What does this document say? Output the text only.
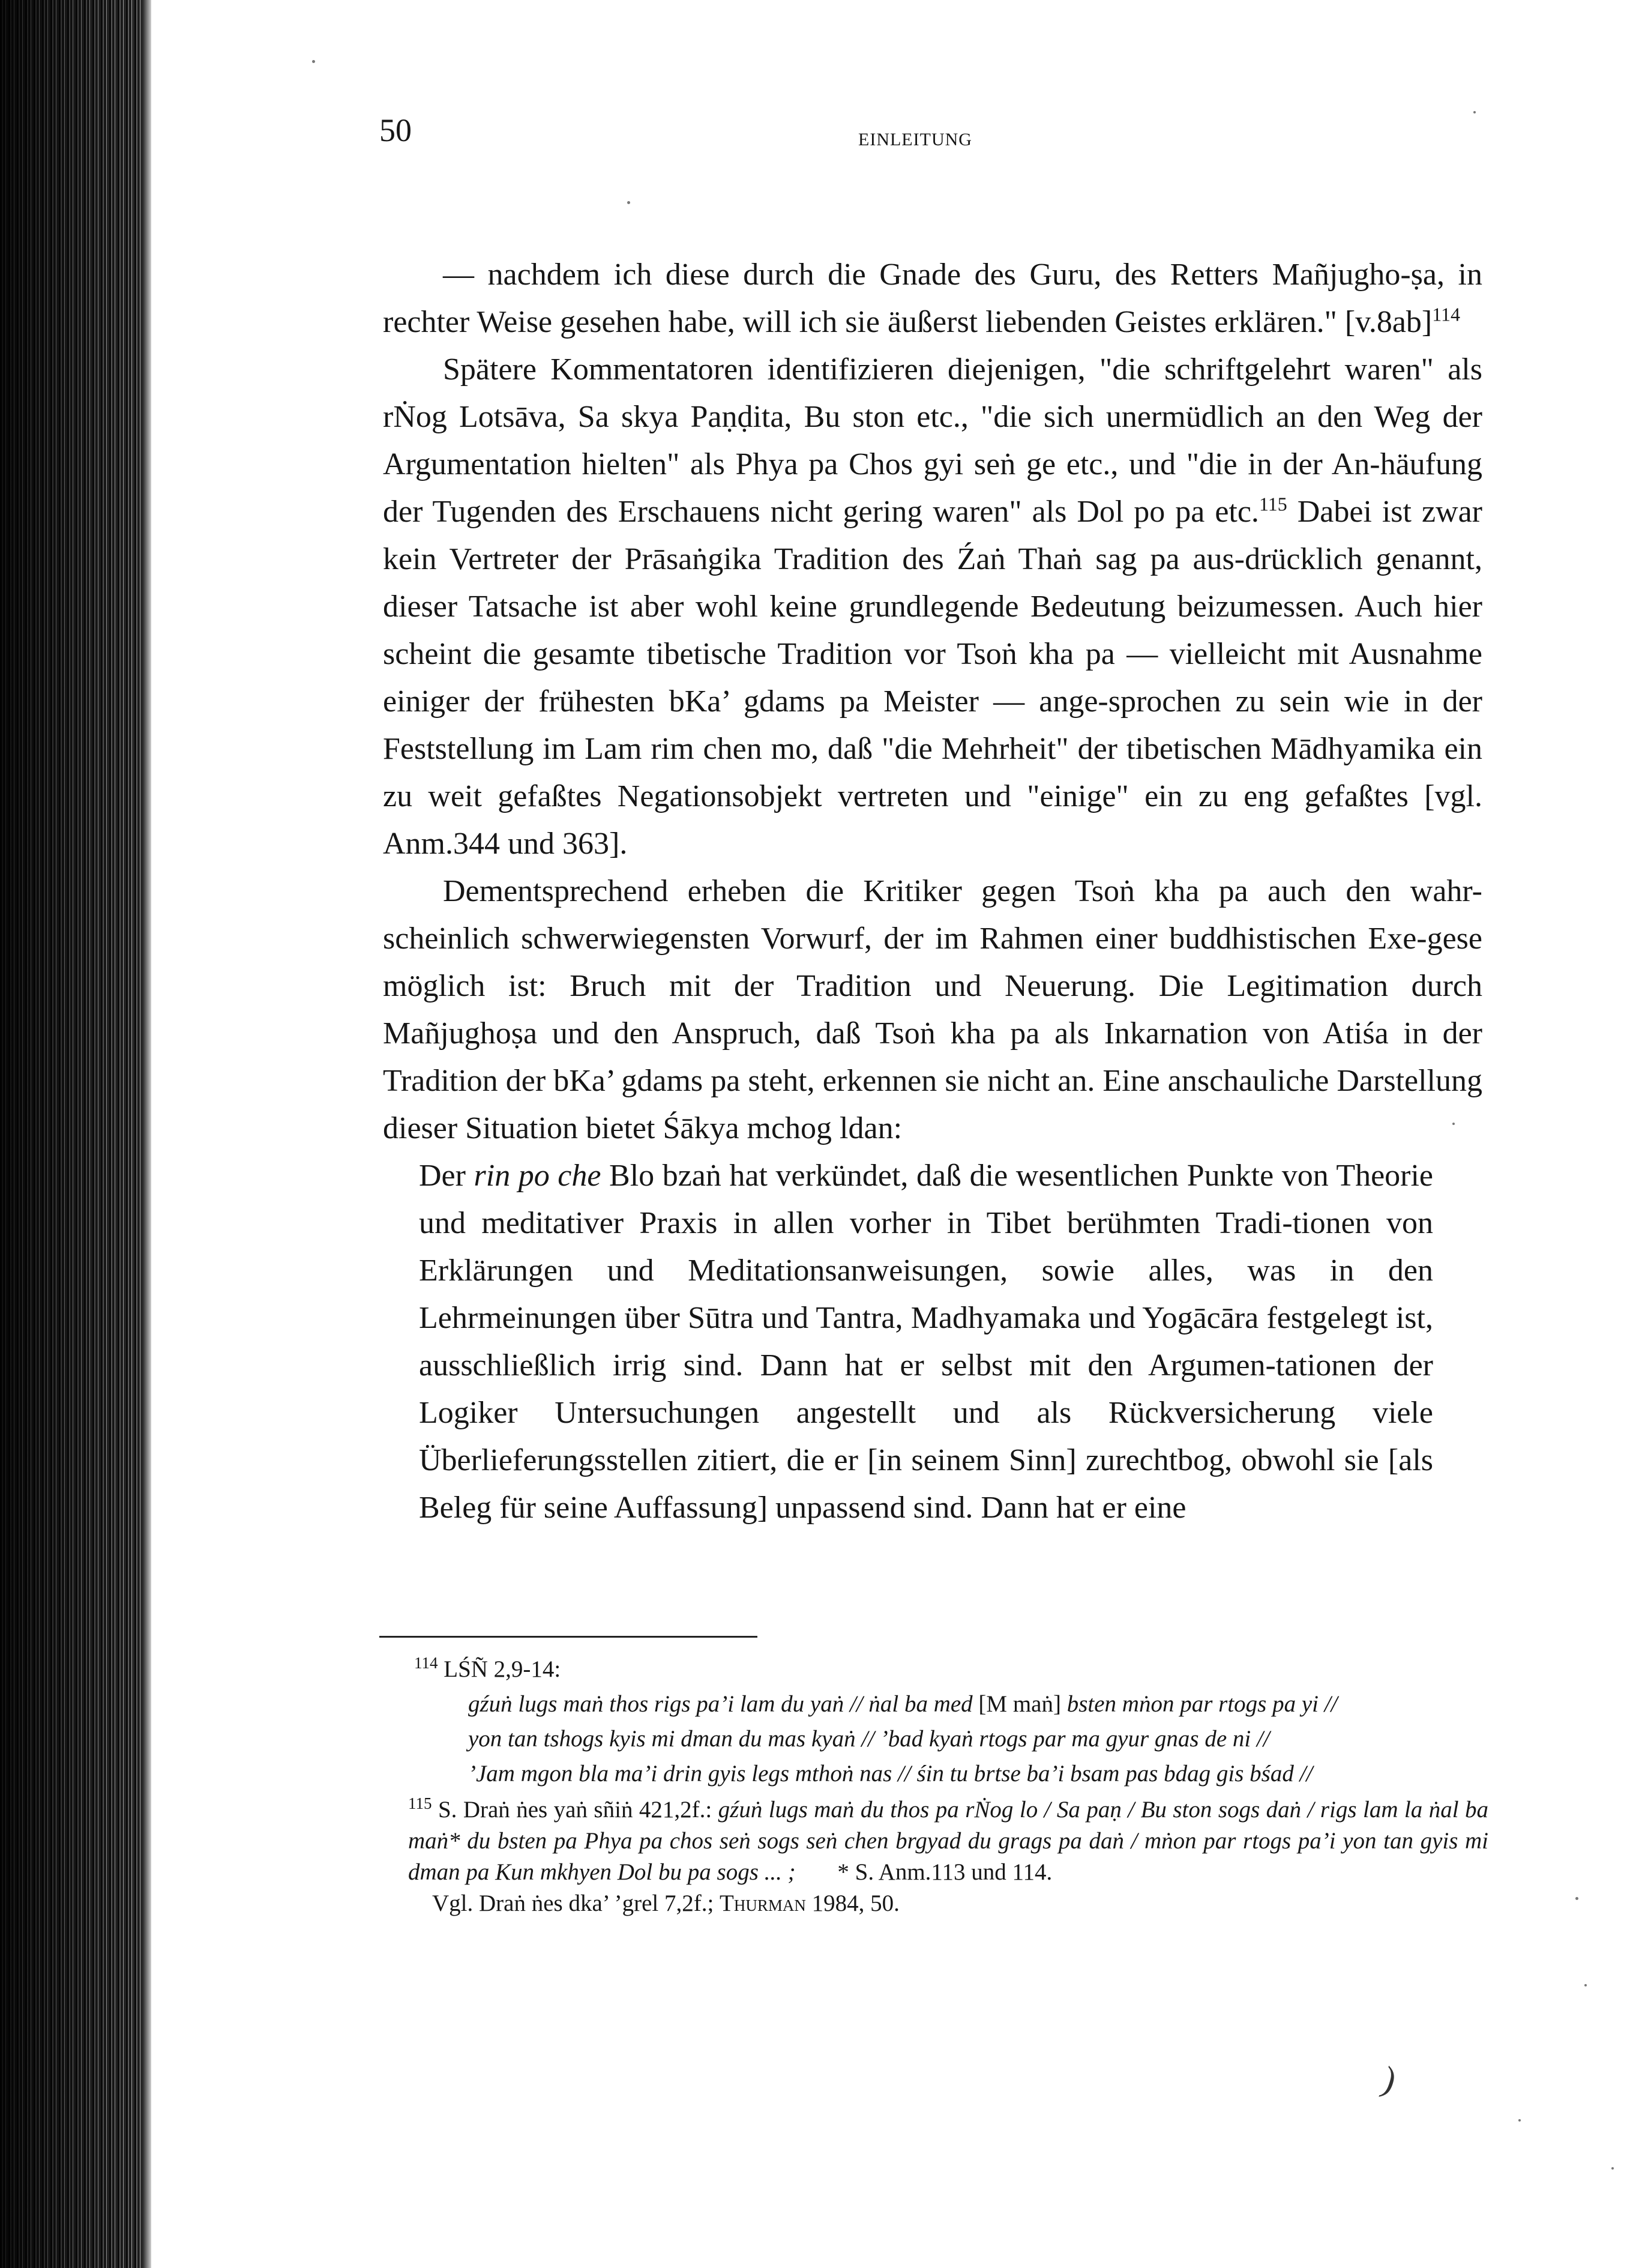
50	EINLEITUNG

— nachdem ich diese durch die Gnade des Guru, des Retters Mañjugho-ṣa, in rechter Weise gesehen habe, will ich sie äußerst liebenden Geistes erklären." $[v.8ab]^{114}$

Spätere Kommentatoren identifizieren diejenigen, "die schriftgelehrt waren" als rṄog Lotsāva, Sa skya Paṇḍita, Bu ston etc., "die sich unermüdlich an den Weg der Argumentation hielten" als Phya pa Chos gyi seṅ ge etc., und "die in der An-häufung der Tugenden des Erschauens nicht gering waren" als Dol po pa etc.$^{115}$ Dabei ist zwar kein Vertreter der Prāsaṅgika Tradition des Źaṅ Thaṅ sag pa aus-drücklich genannt, dieser Tatsache ist aber wohl keine grundlegende Bedeutung beizumessen. Auch hier scheint die gesamte tibetische Tradition vor Tsoṅ kha pa — vielleicht mit Ausnahme einiger der frühesten bKa’ gdams pa Meister — ange-sprochen zu sein wie in der Feststellung im Lam rim chen mo, daß "die Mehrheit" der tibetischen Mādhyamika ein zu weit gefaßtes Negationsobjekt vertreten und "einige" ein zu eng gefaßtes [vgl. Anm.344 und 363].

Dementsprechend erheben die Kritiker gegen Tsoṅ kha pa auch den wahr-scheinlich schwerwiegensten Vorwurf, der im Rahmen einer buddhistischen Exe-gese möglich ist: Bruch mit der Tradition und Neuerung. Die Legitimation durch Mañjughoṣa und den Anspruch, daß Tsoṅ kha pa als Inkarnation von Atiśa in der Tradition der bKa’ gdams pa steht, erkennen sie nicht an. Eine anschauliche Darstellung dieser Situation bietet Śākya mchog ldan:

Der rin po che Blo bzaṅ hat verkündet, daß die wesentlichen Punkte von Theorie und meditativer Praxis in allen vorher in Tibet berühmten Tradi-tionen von Erklärungen und Meditationsanweisungen, sowie alles, was in den Lehrmeinungen über Sūtra und Tantra, Madhyamaka und Yogācāra festgelegt ist, ausschließlich irrig sind. Dann hat er selbst mit den Argumen-tationen der Logiker Untersuchungen angestellt und als Rückversicherung viele Überlieferungsstellen zitiert, die er [in seinem Sinn] zurechtbog, obwohl sie [als Beleg für seine Auffassung] unpassend sind. Dann hat er eine

$^{114}$ LŚÑ 2,9-14:
gźuṅ lugs maṅ thos rigs pa’i lam du yaṅ // ṅal ba med [M maṅ] bsten mṅon par rtogs pa yi //
yon tan tshogs kyis mi dman du mas kyaṅ // ’bad kyaṅ rtogs par ma gyur gnas de ni //
’Jam mgon bla ma’i drin gyis legs mthoṅ nas // śin tu brtse ba’i bsam pas bdag gis bśad //
$^{115}$ S. Draṅ ṅes yaṅ sñiṅ 421,2f.: gźuṅ lugs maṅ du thos pa rṄog lo / Sa paṇ / Bu ston sogs daṅ / rigs lam la ṅal ba maṅ* du bsten pa Phya pa chos seṅ sogs seṅ chen brgyad du grags pa daṅ / mṅon par rtogs pa’i yon tan gyis mi dman pa Kun mkhyen Dol bu pa sogs ... ; * S. Anm.113 und 114.
Vgl. Draṅ ṅes dka’ ’grel 7,2f.; Thurman 1984, 50.
)
